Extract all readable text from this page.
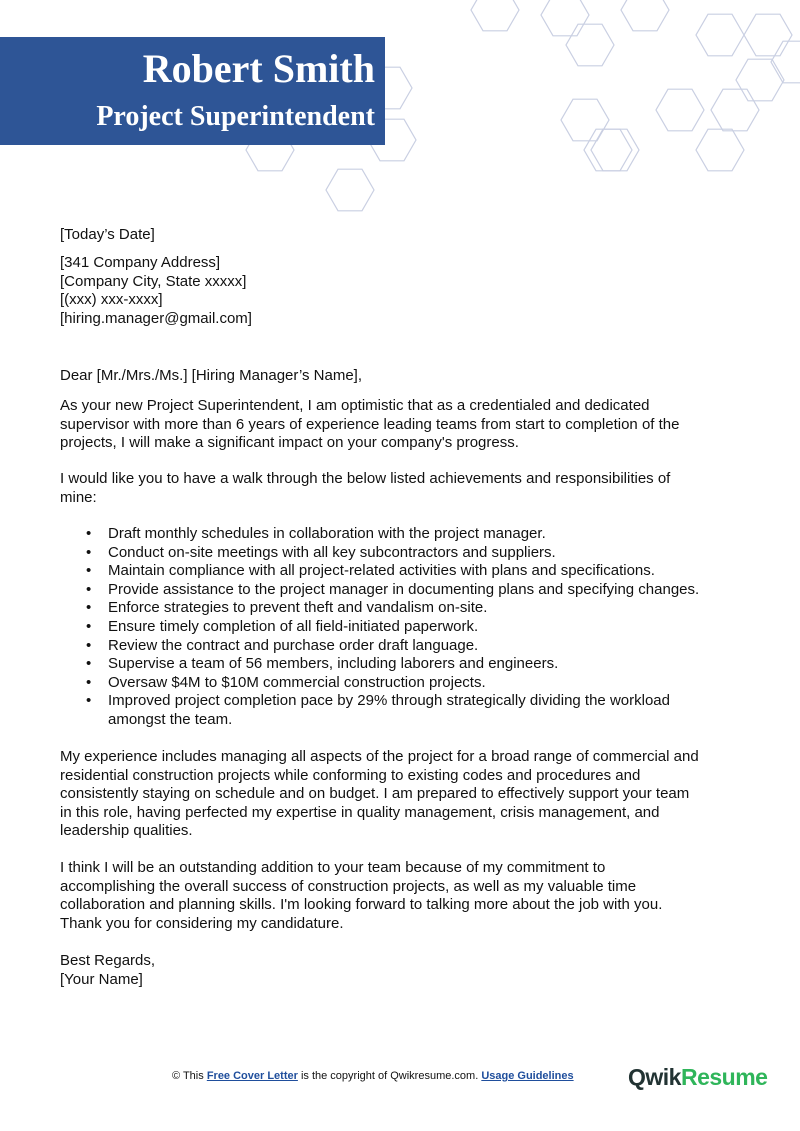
Robert Smith
Project Superintendent
[Today’s Date]
[341 Company Address]
[Company City, State xxxxx]
[(xxx) xxx-xxxx]
[hiring.manager@gmail.com]
Dear [Mr./Mrs./Ms.] [Hiring Manager’s Name],
As your new Project Superintendent, I am optimistic that as a credentialed and dedicated
supervisor with more than 6 years of experience leading teams from start to completion of the
projects, I will make a significant impact on your company's progress.
I would like you to have a walk through the below listed achievements and responsibilities of
mine:
• Draft monthly schedules in collaboration with the project manager.
• Conduct on-site meetings with all key subcontractors and suppliers.
• Maintain compliance with all project-related activities with plans and specifications.
• Provide assistance to the project manager in documenting plans and specifying changes.
• Enforce strategies to prevent theft and vandalism on-site.
• Ensure timely completion of all field-initiated paperwork.
• Review the contract and purchase order draft language.
• Supervise a team of 56 members, including laborers and engineers.
• Oversaw $4M to $10M commercial construction projects.
• Improved project completion pace by 29% through strategically dividing the workload amongst the team.
My experience includes managing all aspects of the project for a broad range of commercial and
residential construction projects while conforming to existing codes and procedures and
consistently staying on schedule and on budget. I am prepared to effectively support your team
in this role, having perfected my expertise in quality management, crisis management, and
leadership qualities.
I think I will be an outstanding addition to your team because of my commitment to
accomplishing the overall success of construction projects, as well as my valuable time
collaboration and planning skills. I'm looking forward to talking more about the job with you.
Thank you for considering my candidature.
Best Regards,
[Your Name]
© This Free Cover Letter is the copyright of Qwikresume.com. Usage Guidelines QwikResume
